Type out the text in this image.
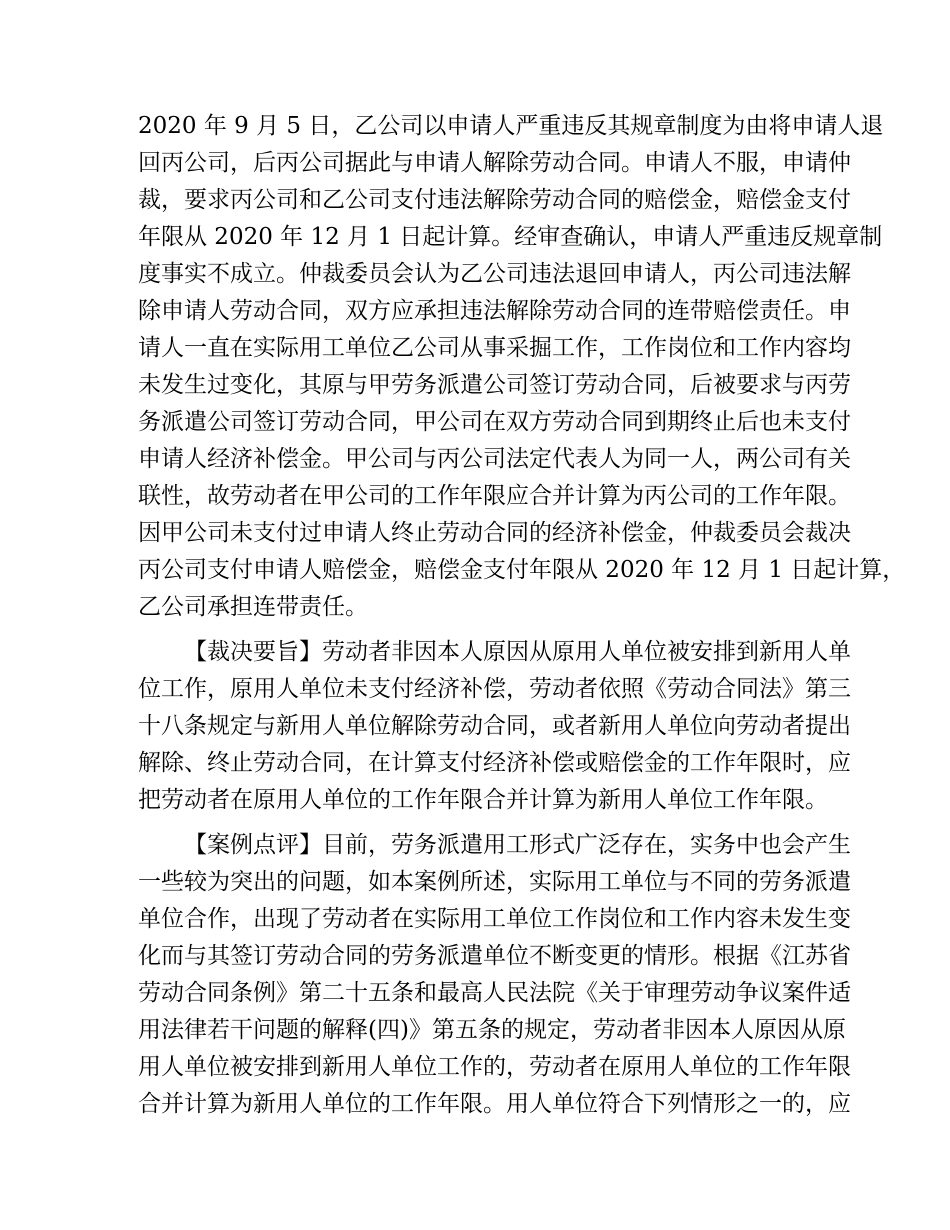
2020 年 9 月 5 日，乙公司以申请人严重违反其规章制度为由将申请人退
回丙公司，后丙公司据此与申请人解除劳动合同。申请人不服，申请仲
裁，要求丙公司和乙公司支付违法解除劳动合同的赔偿金，赔偿金支付
年限从 2020 年 12 月 1 日起计算。经审查确认，申请人严重违反规章制
度事实不成立。仲裁委员会认为乙公司违法退回申请人，丙公司违法解
除申请人劳动合同，双方应承担违法解除劳动合同的连带赔偿责任。申
请人一直在实际用工单位乙公司从事采掘工作，工作岗位和工作内容均
未发生过变化，其原与甲劳务派遣公司签订劳动合同，后被要求与丙劳
务派遣公司签订劳动合同，甲公司在双方劳动合同到期终止后也未支付
申请人经济补偿金。甲公司与丙公司法定代表人为同一人，两公司有关
联性，故劳动者在甲公司的工作年限应合并计算为丙公司的工作年限。
因甲公司未支付过申请人终止劳动合同的经济补偿金，仲裁委员会裁决
丙公司支付申请人赔偿金，赔偿金支付年限从 2020 年 12 月 1 日起计算，
乙公司承担连带责任。
【裁决要旨】劳动者非因本人原因从原用人单位被安排到新用人单
位工作，原用人单位未支付经济补偿，劳动者依照《劳动合同法》第三
十八条规定与新用人单位解除劳动合同，或者新用人单位向劳动者提出
解除、终止劳动合同，在计算支付经济补偿或赔偿金的工作年限时，应
把劳动者在原用人单位的工作年限合并计算为新用人单位工作年限。
【案例点评】目前，劳务派遣用工形式广泛存在，实务中也会产生
一些较为突出的问题，如本案例所述，实际用工单位与不同的劳务派遣
单位合作，出现了劳动者在实际用工单位工作岗位和工作内容未发生变
化而与其签订劳动合同的劳务派遣单位不断变更的情形。根据《江苏省
劳动合同条例》第二十五条和最高人民法院《关于审理劳动争议案件适
用法律若干问题的解释(四)》第五条的规定，劳动者非因本人原因从原
用人单位被安排到新用人单位工作的，劳动者在原用人单位的工作年限
合并计算为新用人单位的工作年限。用人单位符合下列情形之一的，应
